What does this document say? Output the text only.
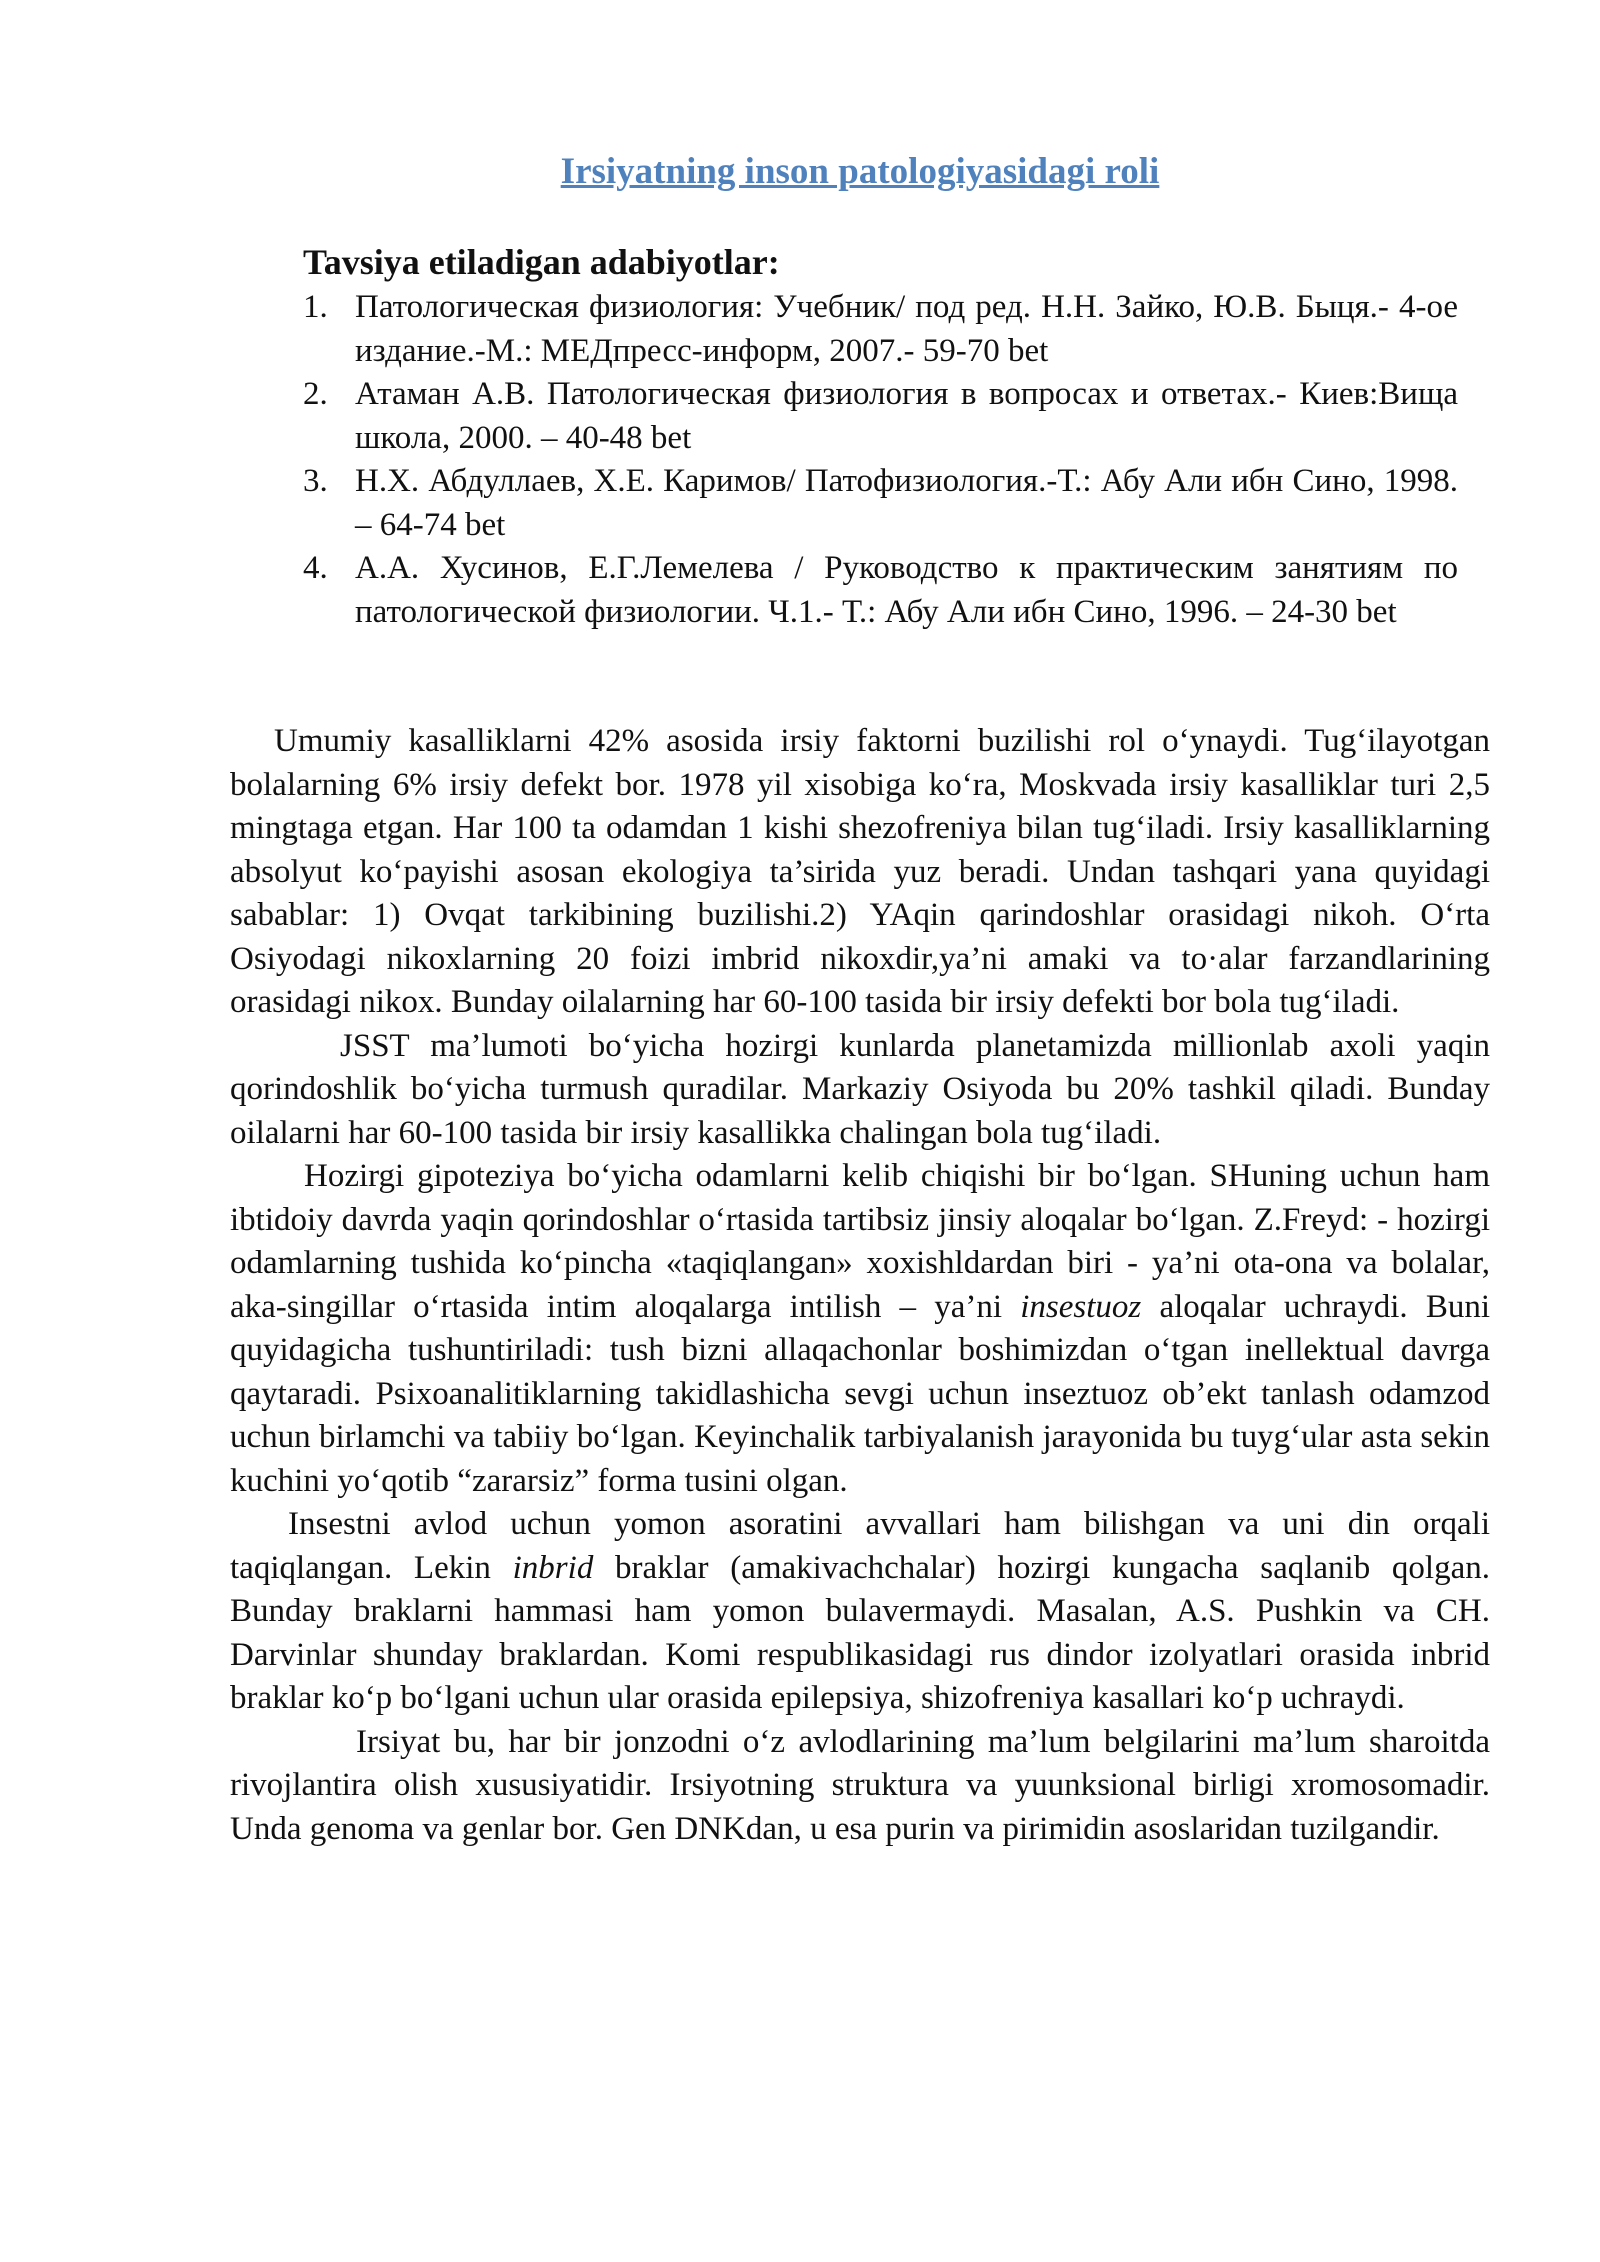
Irsiyatning inson patologiyasidagi roli
Tavsiya etiladigan adabiyotlar:
1. Патологическая физиология: Учебник/ под ред. Н.Н. Зайко, Ю.В. Быця.- 4-ое издание.-М.: МЕДпресс-информ, 2007.- 59-70 bet
2. Атаман А.В. Патологическая физиология в вопросах и ответах.- Киев:Вища школа, 2000. – 40-48 bet
3. Н.Х. Абдуллаев, Х.Е. Каримов/ Патофизиология.-Т.: Абу Али ибн Сино, 1998. – 64-74 bet
4. А.А. Хусинов, Е.Г.Лемелева / Руководство к практическим занятиям по патологической физиологии. Ч.1.- Т.: Абу Али ибн Сино, 1996. – 24-30 bet

Umumiy kasalliklarni 42% asosida irsiy faktorni buzilishi rol o‘ynaydi. Tug‘ilayotgan bolalarning 6% irsiy defekt bor. 1978 yil xisobiga ko‘ra, Moskvada irsiy kasalliklar turi 2,5 mingtaga etgan. Har 100 ta odamdan 1 kishi shezofreniya bilan tug‘iladi. Irsiy kasalliklarning absolyut ko‘payishi asosan ekologiya ta’sirida yuz beradi. Undan tashqari yana quyidagi sabablar: 1) Ovqat tarkibining buzilishi.2) YAqin qarindoshlar orasidagi nikoh. O‘rta Osiyodagi nikoxlarning 20 foizi imbrid nikoxdir,ya’ni amaki va to·alar farzandlarining orasidagi nikox. Bunday oilalarning har 60-100 tasida bir irsiy defekti bor bola tug‘iladi.

JSST ma’lumoti bo‘yicha hozirgi kunlarda planetamizda millionlab axoli yaqin qorindoshlik bo‘yicha turmush quradilar. Markaziy Osiyoda bu 20% tashkil qiladi. Bunday oilalarni har 60-100 tasida bir irsiy kasallikka chalingan bola tug‘iladi.

Hozirgi gipoteziya bo‘yicha odamlarni kelib chiqishi bir bo‘lgan. SHuning uchun ham ibtidoiy davrda yaqin qorindoshlar o‘rtasida tartibsiz jinsiy aloqalar bo‘lgan. Z.Freyd: - hozirgi odamlarning tushida ko‘pincha «taqiqlangan» xoxishldardan biri - ya’ni ota-ona va bolalar, aka-singillar o‘rtasida intim aloqalarga intilish – ya’ni insestuoz aloqalar uchraydi. Buni quyidagicha tushuntiriladi: tush bizni allaqachonlar boshimizdan o‘tgan inellektual davrga qaytaradi. Psixoanalitiklarning takidlashicha sevgi uchun inseztuoz ob’ekt tanlash odamzod uchun birlamchi va tabiiy bo‘lgan. Keyinchalik tarbiyalanish jarayonida bu tuyg‘ular asta sekin kuchini yo‘qotib “zararsiz” forma tusini olgan.

Insestni avlod uchun yomon asoratini avvallari ham bilishgan va uni din orqali taqiqlangan. Lekin inbrid braklar (amakivachchalar) hozirgi kungacha saqlanib qolgan. Bunday braklarni hammasi ham yomon bulavermaydi. Masalan, A.S. Pushkin va CH. Darvinlar shunday braklardan. Komi respublikasidagi rus dindor izolyatlari orasida inbrid braklar ko‘p bo‘lgani uchun ular orasida epilepsiya, shizofreniya kasallari ko‘p uchraydi.

Irsiyat bu, har bir jonzodni o‘z avlodlarining ma’lum belgilarini ma’lum sharoitda rivojlantira olish xususiyatidir. Irsiyotning struktura va yuunksional birligi xromosomadir. Unda genoma va genlar bor. Gen DNKdan, u esa purin va pirimidin asoslaridan tuzilgandir.
